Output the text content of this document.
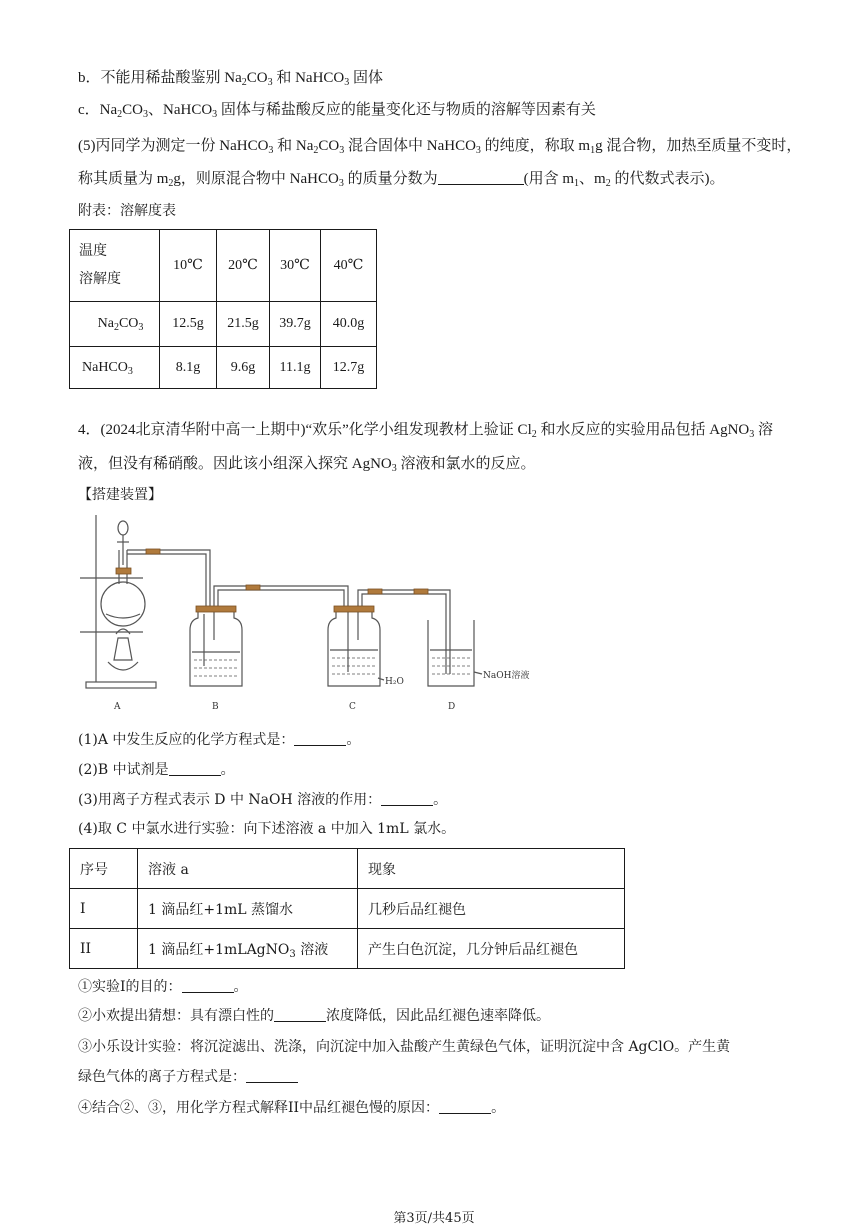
b．不能用稀盐酸鉴别 $Na_2CO_3$ 和 NaHCO$_3$ 固体
c．$Na_2CO_3$、NaHCO$_3$ 固体与稀盐酸反应的能量变化还与物质的溶解等因素有关
(5)丙同学为测定一份 NaHCO$_3$ 和 $Na_2CO_3$ 混合固体中 NaHCO$_3$ 的纯度，称取 $m_1g$ 混合物，加热至质量不变时，
称其质量为 $m_2g$，则原混合物中 NaHCO$_3$ 的质量分数为	(用含 $m_1$、$m_2$ 的代数式表示)。
附表：溶解度表
温度
溶解度	10℃	20℃	30℃	40℃
$Na_2CO_3$	12.5g	21.5g	39.7g	40.0g
NaHCO$_3$	8.1g	9.6g	11.1g	12.7g
4．(2024北京清华附中高一上期中)“欢乐”化学小组发现教材上验证 $Cl_2$ 和水反应的实验用品包括 AgNO$_3$ 溶
液，但没有稀硝酸。因此该小组深入探究 AgNO$_3$ 溶液和氯水的反应。
【搭建装置】
A	B	C	D
H₂O
NaOH溶液
(1)A 中发生反应的化学方程式是：	。
(2)B 中试剂是	。
(3)用离子方程式表示 D 中 NaOH 溶液的作用：	。
(4)取 C 中氯水进行实验：向下述溶液 a 中加入 1mL 氯水。
序号	溶液 a	现象
I	1 滴品红+1mL 蒸馏水	几秒后品红褪色
II	1 滴品红+1mLAgNO$_3$ 溶液	产生白色沉淀，几分钟后品红褪色
①实验I的目的：	。
②小欢提出猜想：具有漂白性的	浓度降低，因此品红褪色速率降低。
③小乐设计实验：将沉淀滤出、洗涤，向沉淀中加入盐酸产生黄绿色气体，证明沉淀中含 AgClO。产生黄
绿色气体的离子方程式是：
④结合②、③，用化学方程式解释II中品红褪色慢的原因：	。
第3页/共45页
